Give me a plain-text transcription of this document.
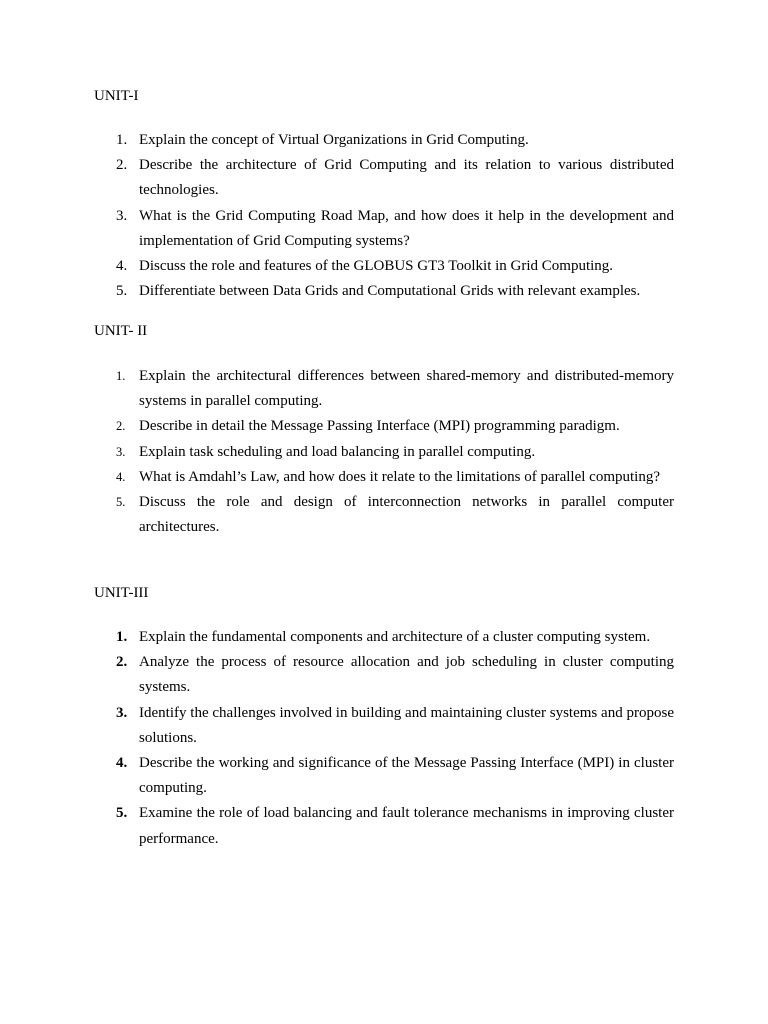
UNIT-I
1. Explain the concept of Virtual Organizations in Grid Computing.
2. Describe the architecture of Grid Computing and its relation to various distributed technologies.
3. What is the Grid Computing Road Map, and how does it help in the development and implementation of Grid Computing systems?
4. Discuss the role and features of the GLOBUS GT3 Toolkit in Grid Computing.
5. Differentiate between Data Grids and Computational Grids with relevant examples.
UNIT- II
1. Explain the architectural differences between shared-memory and distributed-memory systems in parallel computing.
2. Describe in detail the Message Passing Interface (MPI) programming paradigm.
3. Explain task scheduling and load balancing in parallel computing.
4. What is Amdahl’s Law, and how does it relate to the limitations of parallel computing?
5. Discuss the role and design of interconnection networks in parallel computer architectures.
UNIT-III
1. Explain the fundamental components and architecture of a cluster computing system.
2. Analyze the process of resource allocation and job scheduling in cluster computing systems.
3. Identify the challenges involved in building and maintaining cluster systems and propose solutions.
4. Describe the working and significance of the Message Passing Interface (MPI) in cluster computing.
5. Examine the role of load balancing and fault tolerance mechanisms in improving cluster performance.
